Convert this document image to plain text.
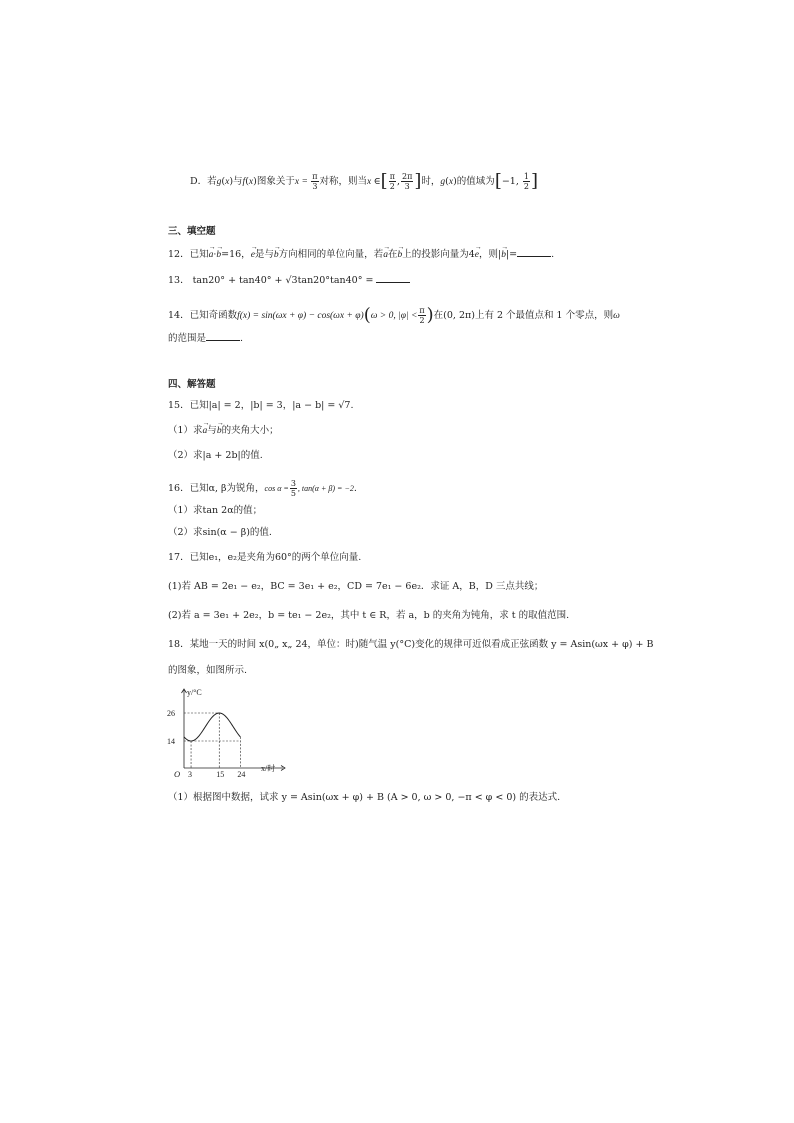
D．若g(x)与f(x)图象关于$x = \frac{\pi}{3}$ 对称，则当x ∈[ $\frac{\pi}{2}$ , $\frac{2\pi}{3}$ ]时，g(x)的值域为[−1, $\frac{1}{2}$ ]
三、填空题
12．已知→ a·→ b=16，→ e是与→ b方向相同的单位向量，若→ a在→ b上的投影向量为4→ e，则|→ b|=	.
13． tan20° + tan40° + √3tan20°tan40° =
14．已知奇函数f(x) = sin(ωx + φ) − cos(ωx + φ)(ω > 0, $|\varphi| < \frac{\pi}{2}$ )在(0, 2π)上有 2 个最值点和 1 个零点，则ω
的范围是	.
四、解答题
15．已知|a| = 2，|b| = 3，|a − b| = √7.
（1）求→ a与→ b的夹角大小；
（2）求|a + 2b|的值.
16．已知α, β为锐角，$\cos \alpha = \frac{3}{5}$ , tan(α + β) = −2.
（1）求tan 2α的值；
（2）求sin(α − β)的值.
17．已知e₁，e₂是夹角为60°的两个单位向量.
(1)若 AB = 2e₁ − e₂，BC = 3e₁ + e₂，CD = 7e₁ − 6e₂．求证 A，B，D 三点共线；
(2)若 a = 3e₁ + 2e₂，b = te₁ − 2e₂，其中 t ∈ R，若 a，b 的夹角为钝角，求 t 的取值范围.
18．某地一天的时间 x(0„ x„ 24，单位：时)随气温 y(°C)变化的规律可近似看成正弦函数 y = Asin(ωx + φ) + B
的图象，如图所示.
y/°C
x/时
O 3	15 24
14
26
（1）根据图中数据，试求 y = Asin(ωx + φ) + B (A > 0, ω > 0, −π < φ < 0) 的表达式.
